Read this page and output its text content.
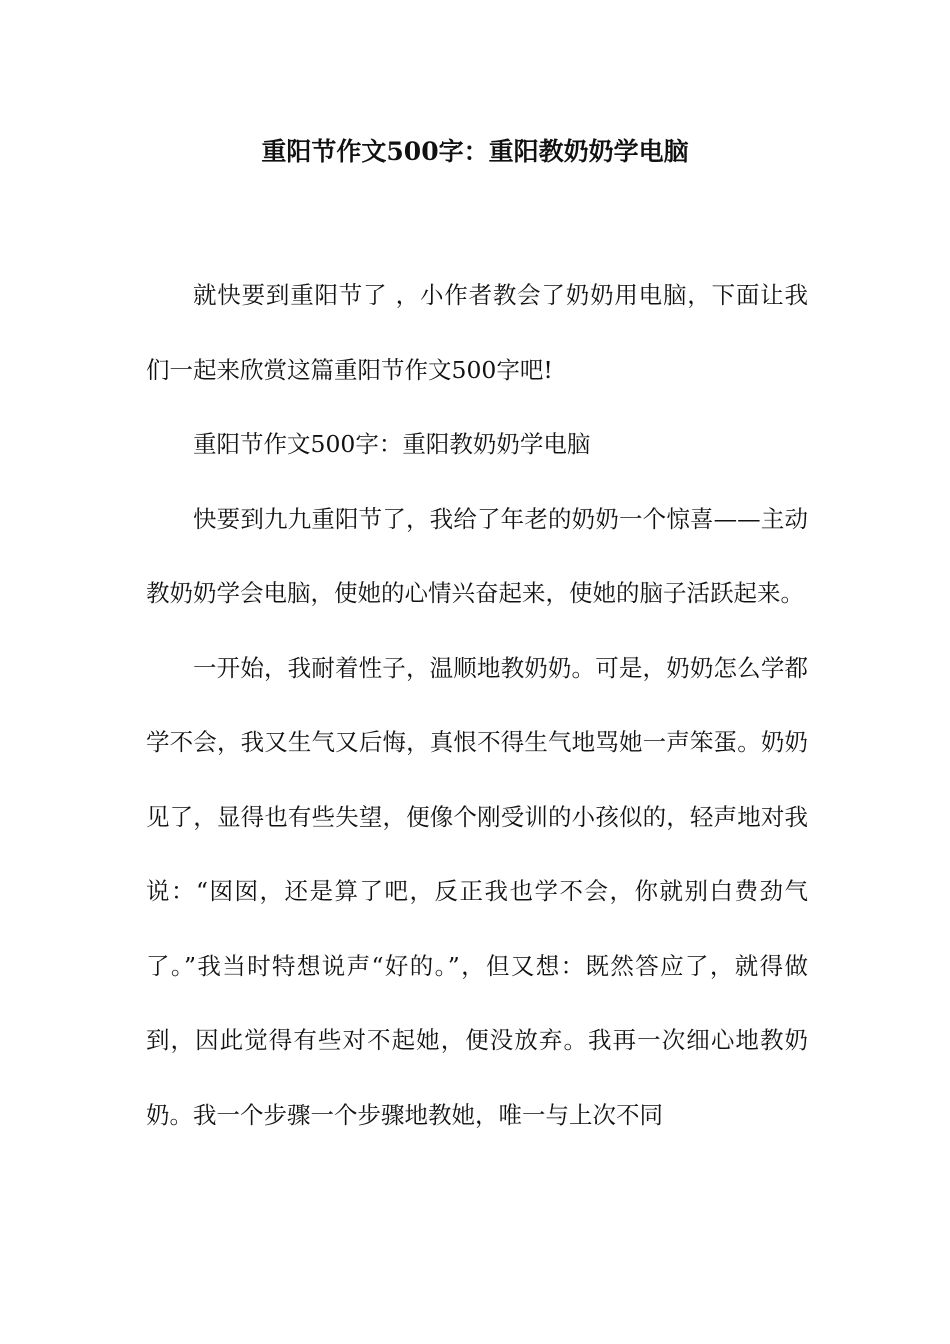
重阳节作文500字：重阳教奶奶学电脑

就快要到重阳节了 ，小作者教会了奶奶用电脑，下面让我们一起来欣赏这篇重阳节作文500字吧!

重阳节作文500字：重阳教奶奶学电脑

快要到九九重阳节了，我给了年老的奶奶一个惊喜——主动教奶奶学会电脑，使她的心情兴奋起来，使她的脑子活跃起来。

一开始，我耐着性子，温顺地教奶奶。可是，奶奶怎么学都学不会，我又生气又后悔，真恨不得生气地骂她一声笨蛋。奶奶见了，显得也有些失望，便像个刚受训的小孩似的，轻声地对我说：“囡囡，还是算了吧，反正我也学不会，你就别白费劲气了。”我当时特想说声“好的。”，但又想：既然答应了，就得做到，因此觉得有些对不起她，便没放弃。我再一次细心地教奶奶。我一个步骤一个步骤地教她，唯一与上次不同
